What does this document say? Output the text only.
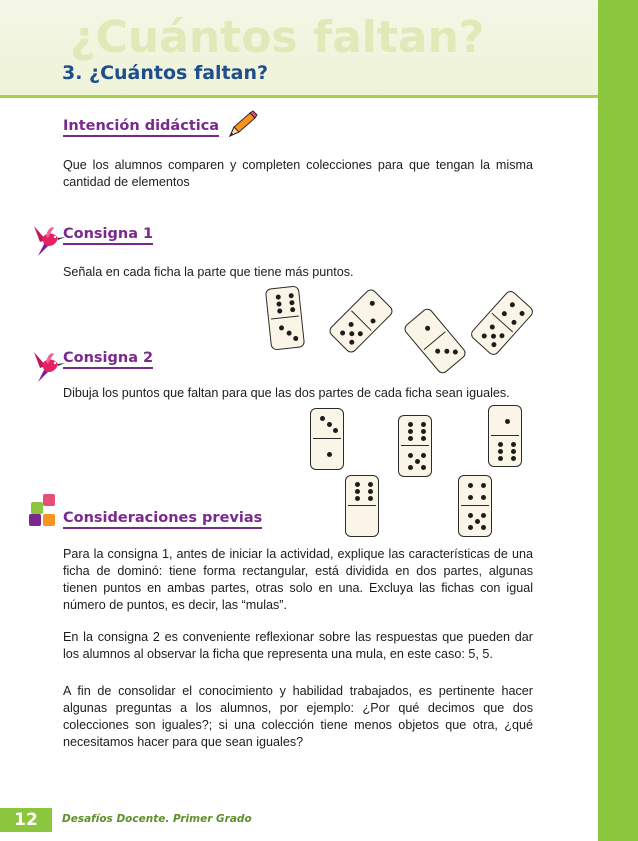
¿Cuántos faltan?
3. ¿Cuántos faltan?
Intención didáctica
Que los alumnos comparen y completen colecciones para que tengan la misma cantidad de elementos
Consigna 1
Señala en cada ficha la parte que tiene más puntos.
Consigna 2
Dibuja los puntos que faltan para que las dos partes de cada ficha sean iguales.
Consideraciones previas
Para la consigna 1, antes de iniciar la actividad, explique las características de una ficha de dominó: tiene forma rectangular, está dividida en dos partes, algunas tienen puntos en ambas partes, otras solo en una. Excluya las fichas con igual número de puntos, es decir, las “mulas”.
En la consigna 2 es conveniente reflexionar sobre las respuestas que pueden dar los alumnos al observar la ficha que representa una mula, en este caso: 5, 5.
A fin de consolidar el conocimiento y habilidad trabajados, es pertinente hacer algunas preguntas a los alumnos, por ejemplo: ¿Por qué decimos que dos colecciones son iguales?; si una colección tiene menos objetos que otra, ¿qué necesitamos hacer para que sean iguales?
12	Desafíos Docente. Primer Grado
